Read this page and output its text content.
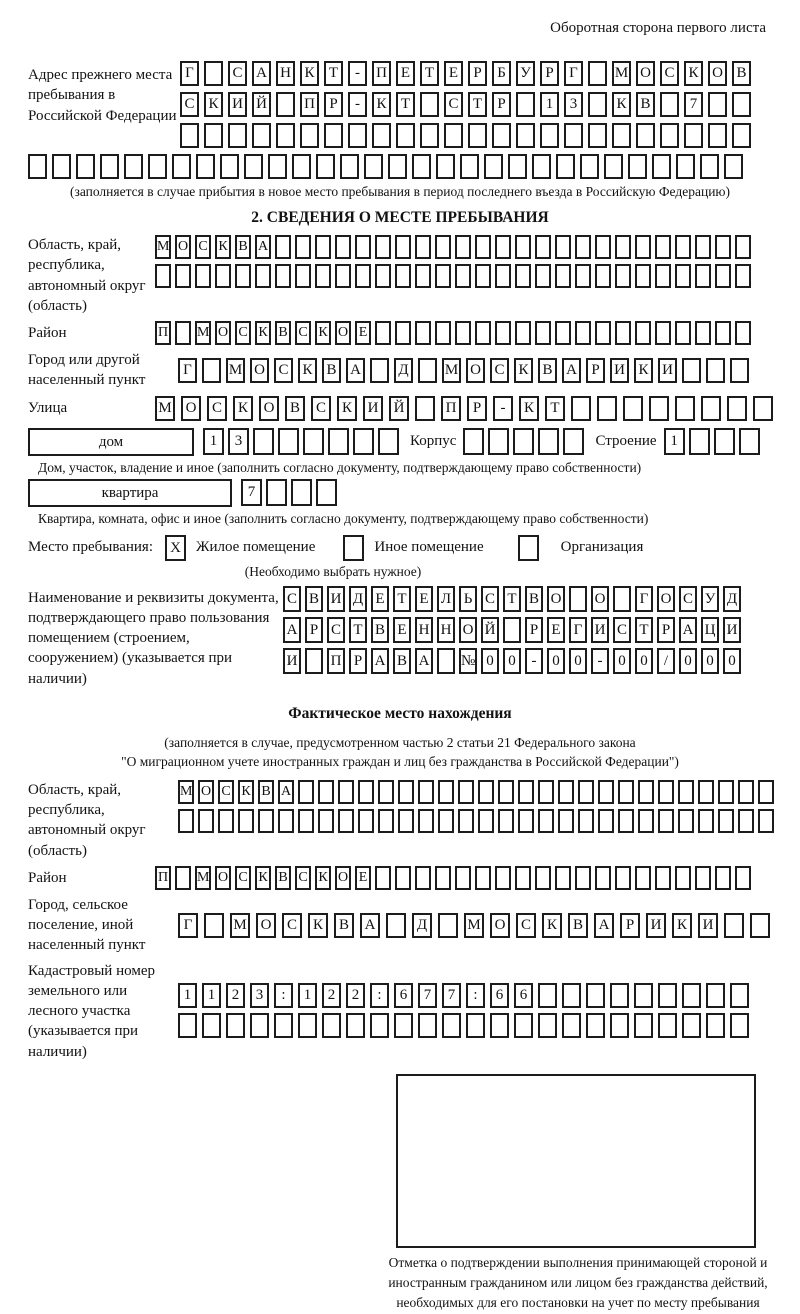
Оборотная сторона первого листа
Адрес прежнего места пребывания в Российской Федерации
Г	С А Н К Т	-	П Е Т Е	Р	Б У Р	Г	М О С К О В
С К И Й П Р	-	К Т	С Т	Р	1	3	К В	7
(заполняется в случае прибытия в новое место пребывания в период последнего въезда в Российскую Федерацию)
2. СВЕДЕНИЯ О МЕСТЕ ПРЕБЫВАНИЯ
Область, край, республика, автономный округ (область)
М О С К В А
Район	П М О С К В С К О Е
Город или другой населенный пункт
Г	М О С К В А Д М О С К В А Р И К И
Улица	М О	С	К	О	В	С	К	И	Й	П	Р	-	К	Т
дом	1	3	Корпус	Строение 1
Дом, участок, владение и иное (заполнить согласно документу, подтверждающему право собственности)
квартира	7
Квартира, комната, офис и иное (заполнить согласно документу, подтверждающему право собственности)
Место пребывания:	X	Жилое помещение	Иное помещение	Организация
(Необходимо выбрать нужное)
Наименование и реквизиты документа, подтверждающего право пользования помещением (строением, сооружением) (указывается при наличии)
С В И Д Е Т Е Л Ь С Т В О О	Г О С У Д
А Р С Т В Е Н Н О Й	Р Е Г И С Т Р А Ц И
И П Р А В А № 0 0	-	0 0	-	0 0	/	0 0 0
Фактическое место нахождения
(заполняется в случае, предусмотренном частью 2 статьи 21 Федерального закона
"О миграционном учете иностранных граждан и лиц без гражданства в Российской Федерации")
Область, край, республика, автономный округ (область)
М О С К В А
Район	П М О С К В С К О Е
Город, сельское поселение, иной населенный пункт
Г	М О	С	К	В	А	Д	М О	С	К	В	А	Р	И	К	И
Кадастровый номер земельного или лесного участка (указывается при наличии)
1	1	2	3	:	1	2	2	:	6	7	7	:	6	6
Отметка о подтверждении выполнения принимающей стороной и иностранным гражданином или лицом без гражданства действий, необходимых для его постановки на учет по месту пребывания
